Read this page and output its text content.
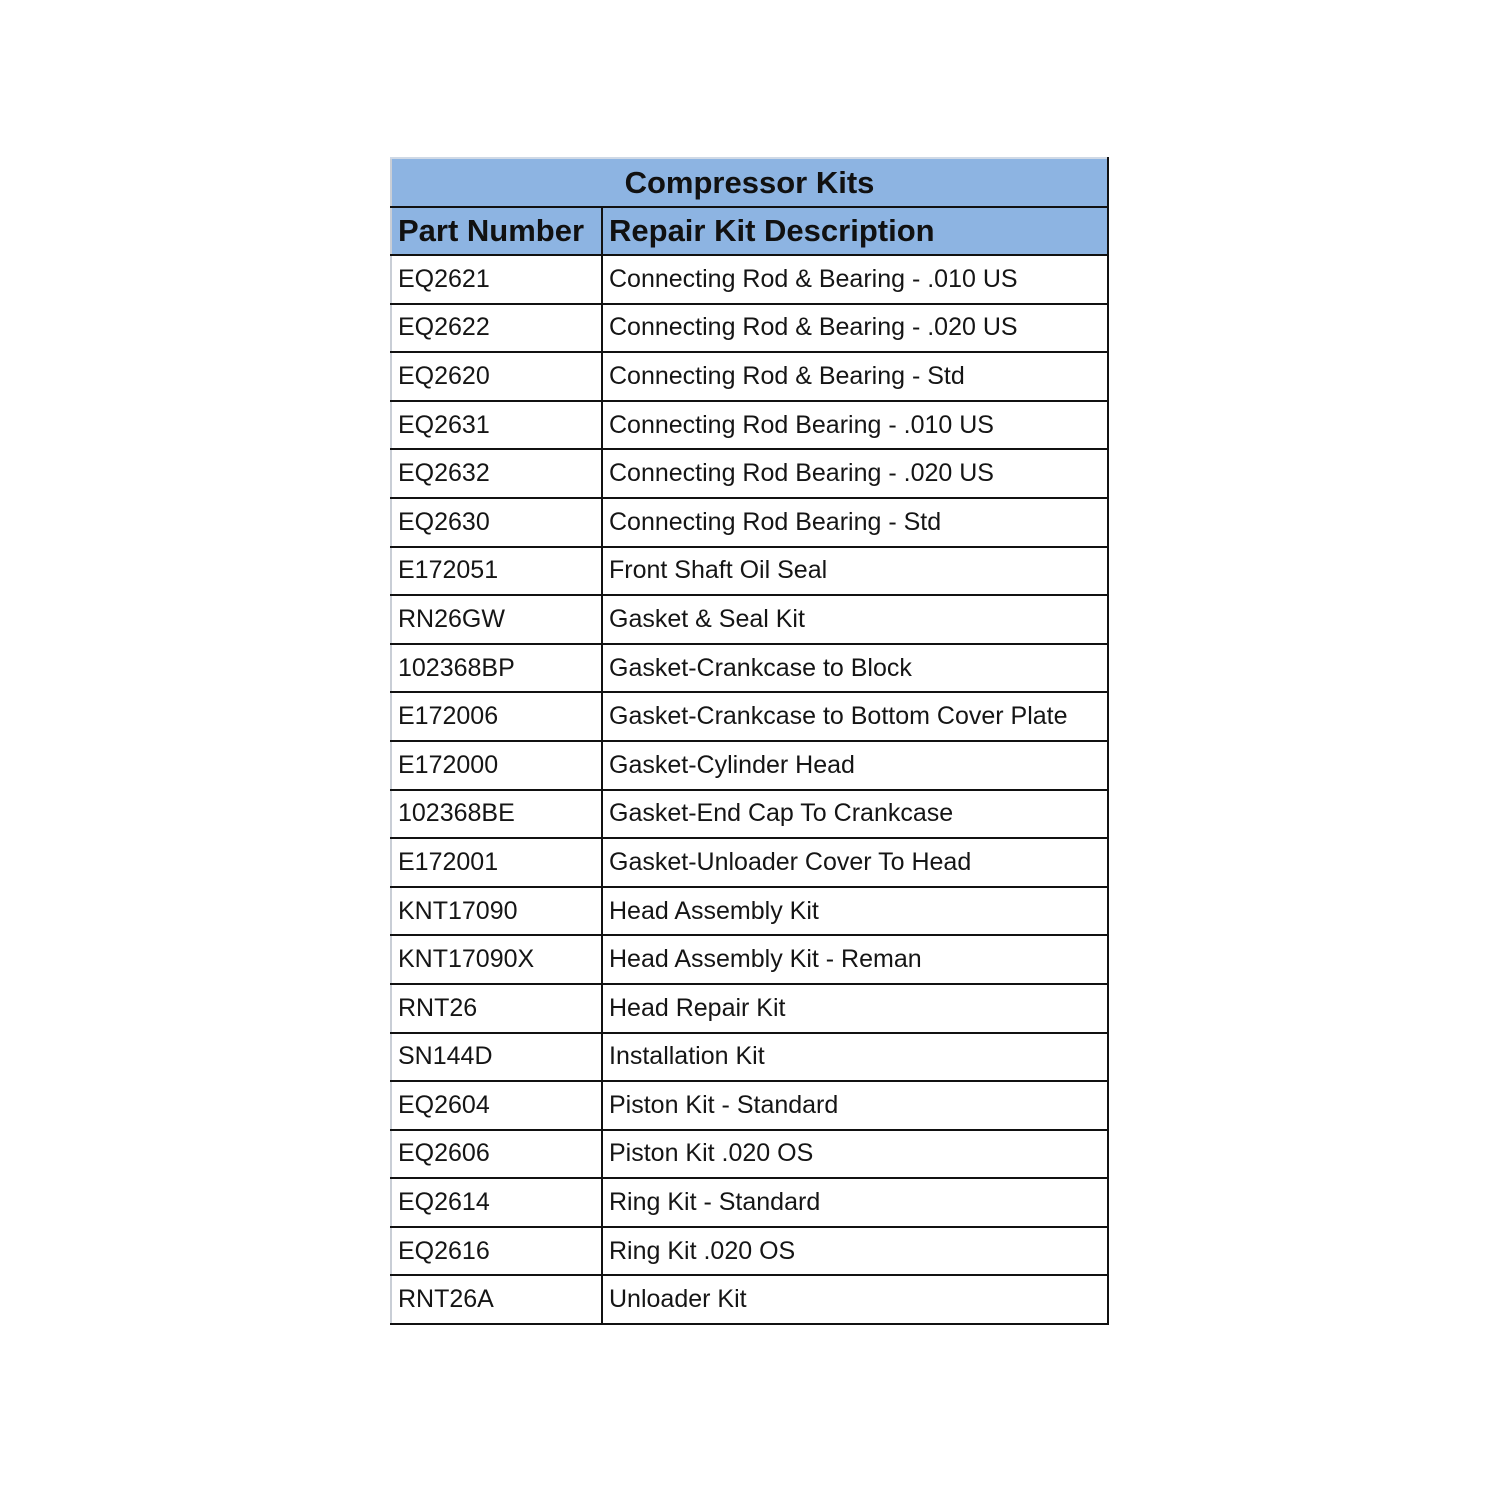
Compressor Kits	
Part Number	Repair Kit Description
EQ2621	Connecting Rod & Bearing - .010 US
EQ2622	Connecting Rod & Bearing - .020 US
EQ2620	Connecting Rod & Bearing - Std
EQ2631	Connecting Rod Bearing - .010 US
EQ2632	Connecting Rod Bearing - .020 US
EQ2630	Connecting Rod Bearing - Std
E172051	Front Shaft Oil Seal
RN26GW	Gasket & Seal Kit
102368BP	Gasket-Crankcase to Block
E172006	Gasket-Crankcase to Bottom Cover Plate
E172000	Gasket-Cylinder Head
102368BE	Gasket-End Cap To Crankcase
E172001	Gasket-Unloader Cover To Head
KNT17090	Head Assembly Kit
KNT17090X	Head Assembly Kit - Reman
RNT26	Head Repair Kit
SN144D	Installation Kit
EQ2604	Piston Kit - Standard
EQ2606	Piston Kit .020 OS
EQ2614	Ring Kit - Standard
EQ2616	Ring Kit .020 OS
RNT26A	Unloader Kit
